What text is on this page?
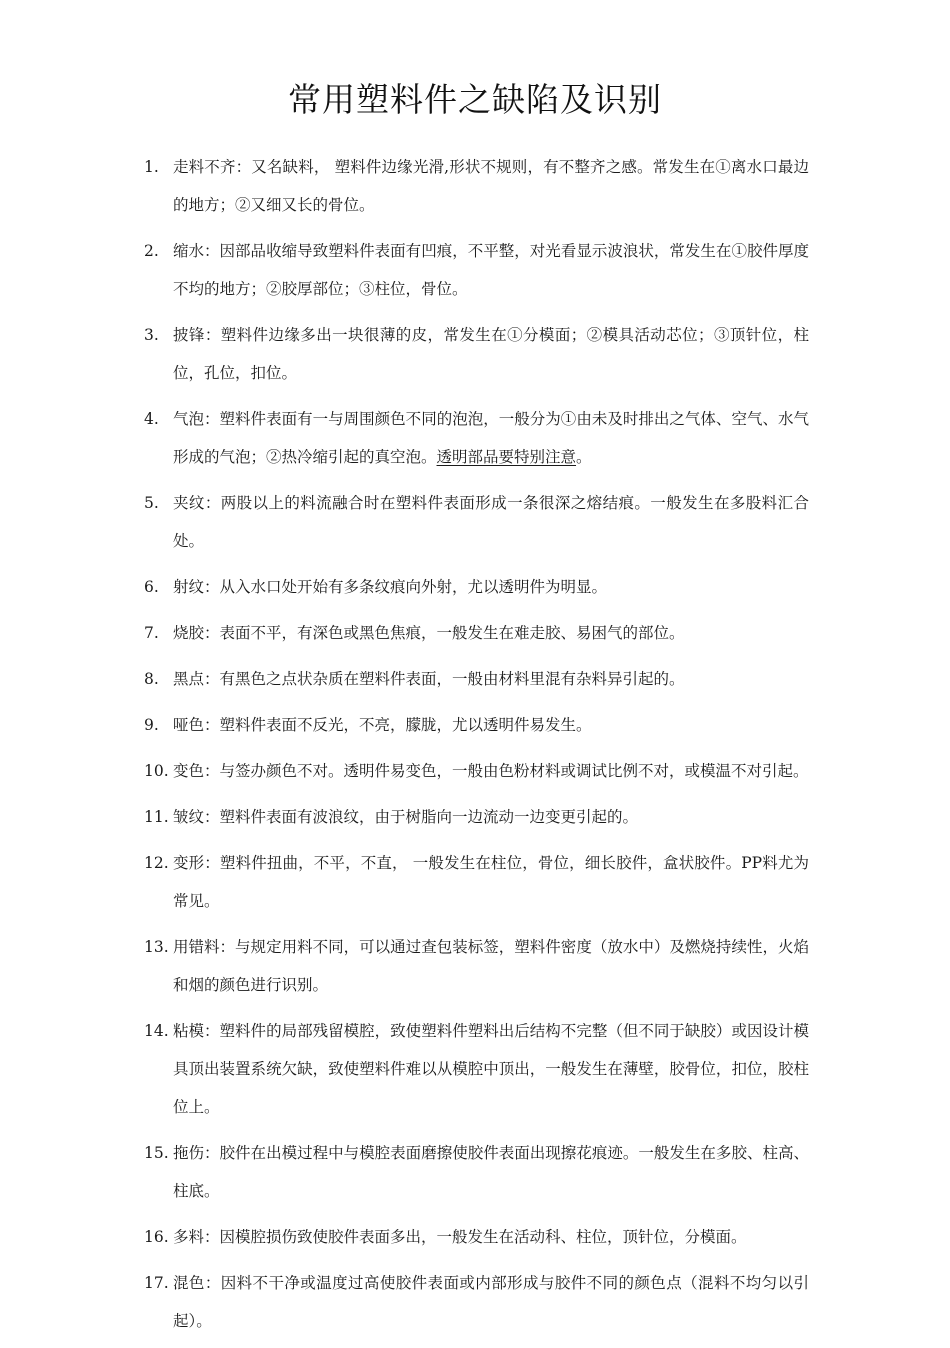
常用塑料件之缺陷及识别
1. 走料不齐：又名缺料， 塑料件边缘光滑,形状不规则，有不整齐之感。常发生在①离水口最边的地方；②又细又长的骨位。
2. 缩水：因部品收缩导致塑料件表面有凹痕，不平整，对光看显示波浪状，常发生在①胶件厚度不均的地方；②胶厚部位；③柱位，骨位。
3. 披锋：塑料件边缘多出一块很薄的皮，常发生在①分模面；②模具活动芯位；③顶针位，柱位，孔位，扣位。
4. 气泡：塑料件表面有一与周围颜色不同的泡泡，一般分为①由未及时排出之气体、空气、水气形成的气泡；②热冷缩引起的真空泡。透明部品要特别注意。
5. 夹纹：两股以上的料流融合时在塑料件表面形成一条很深之熔结痕。一般发生在多股料汇合处。
6. 射纹：从入水口处开始有多条纹痕向外射，尤以透明件为明显。
7. 烧胶：表面不平，有深色或黑色焦痕，一般发生在难走胶、易困气的部位。
8. 黑点：有黑色之点状杂质在塑料件表面，一般由材料里混有杂料异引起的。
9. 哑色：塑料件表面不反光，不亮，朦胧，尤以透明件易发生。
10. 变色：与签办颜色不对。透明件易变色，一般由色粉材料或调试比例不对，或模温不对引起。
11. 皱纹：塑料件表面有波浪纹，由于树脂向一边流动一边变更引起的。
12. 变形：塑料件扭曲，不平，不直， 一般发生在柱位，骨位，细长胶件，盒状胶件。PP料尤为常见。
13. 用错料：与规定用料不同，可以通过查包装标签，塑料件密度（放水中）及燃烧持续性，火焰和烟的颜色进行识别。
14. 粘模：塑料件的局部残留模腔，致使塑料件塑料出后结构不完整（但不同于缺胶）或因设计模具顶出装置系统欠缺，致使塑料件难以从模腔中顶出，一般发生在薄壁，胶骨位，扣位，胶柱位上。
15. 拖伤：胶件在出模过程中与模腔表面磨擦使胶件表面出现擦花痕迹。一般发生在多胶、柱高、柱底。
16. 多料：因模腔损伤致使胶件表面多出，一般发生在活动科、柱位，顶针位，分模面。
17. 混色：因料不干净或温度过高使胶件表面或内部形成与胶件不同的颜色点（混料不均匀以引起）。
